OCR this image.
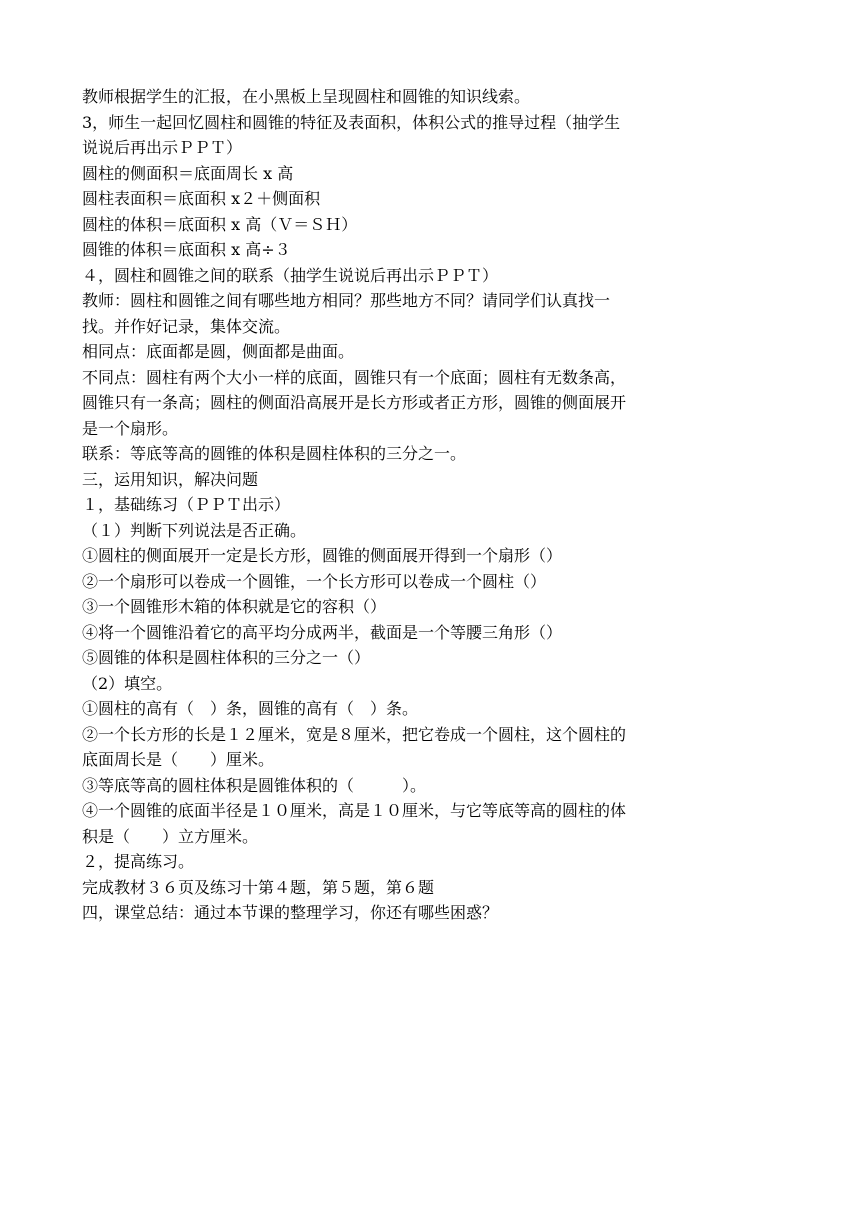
教师根据学生的汇报，在小黑板上呈现圆柱和圆锥的知识线索。
3，师生一起回忆圆柱和圆锥的特征及表面积，体积公式的推导过程（抽学生
说说后再出示ＰＰＴ）
圆柱的侧面积＝底面周长 x 高
圆柱表面积＝底面积 x２＋侧面积
圆柱的体积＝底面积 x 高（Ｖ＝ＳＨ）
圆锥的体积＝底面积 x 高÷３
４，圆柱和圆锥之间的联系（抽学生说说后再出示ＰＰＴ）
教师：圆柱和圆锥之间有哪些地方相同？那些地方不同？请同学们认真找一
找。并作好记录，集体交流。
相同点：底面都是圆，侧面都是曲面。
不同点：圆柱有两个大小一样的底面，圆锥只有一个底面；圆柱有无数条高，
圆锥只有一条高；圆柱的侧面沿高展开是长方形或者正方形，圆锥的侧面展开
是一个扇形。
联系：等底等高的圆锥的体积是圆柱体积的三分之一。
三，运用知识，解决问题
１，基础练习（ＰＰＴ出示）
（１）判断下列说法是否正确。
①圆柱的侧面展开一定是长方形，圆锥的侧面展开得到一个扇形（）
②一个扇形可以卷成一个圆锥，一个长方形可以卷成一个圆柱（）
③一个圆锥形木箱的体积就是它的容积（）
④将一个圆锥沿着它的高平均分成两半，截面是一个等腰三角形（）
⑤圆锥的体积是圆柱体积的三分之一（）
（2）填空。
①圆柱的高有（　）条，圆锥的高有（　）条。
②一个长方形的长是１２厘米，宽是８厘米，把它卷成一个圆柱，这个圆柱的
底面周长是（　　）厘米。
③等底等高的圆柱体积是圆锥体积的（　　　）。
④一个圆锥的底面半径是１０厘米，高是１０厘米，与它等底等高的圆柱的体
积是（　　）立方厘米。
２，提高练习。
完成教材３６页及练习十第４题，第５题，第６题
四，课堂总结：通过本节课的整理学习，你还有哪些困惑？
